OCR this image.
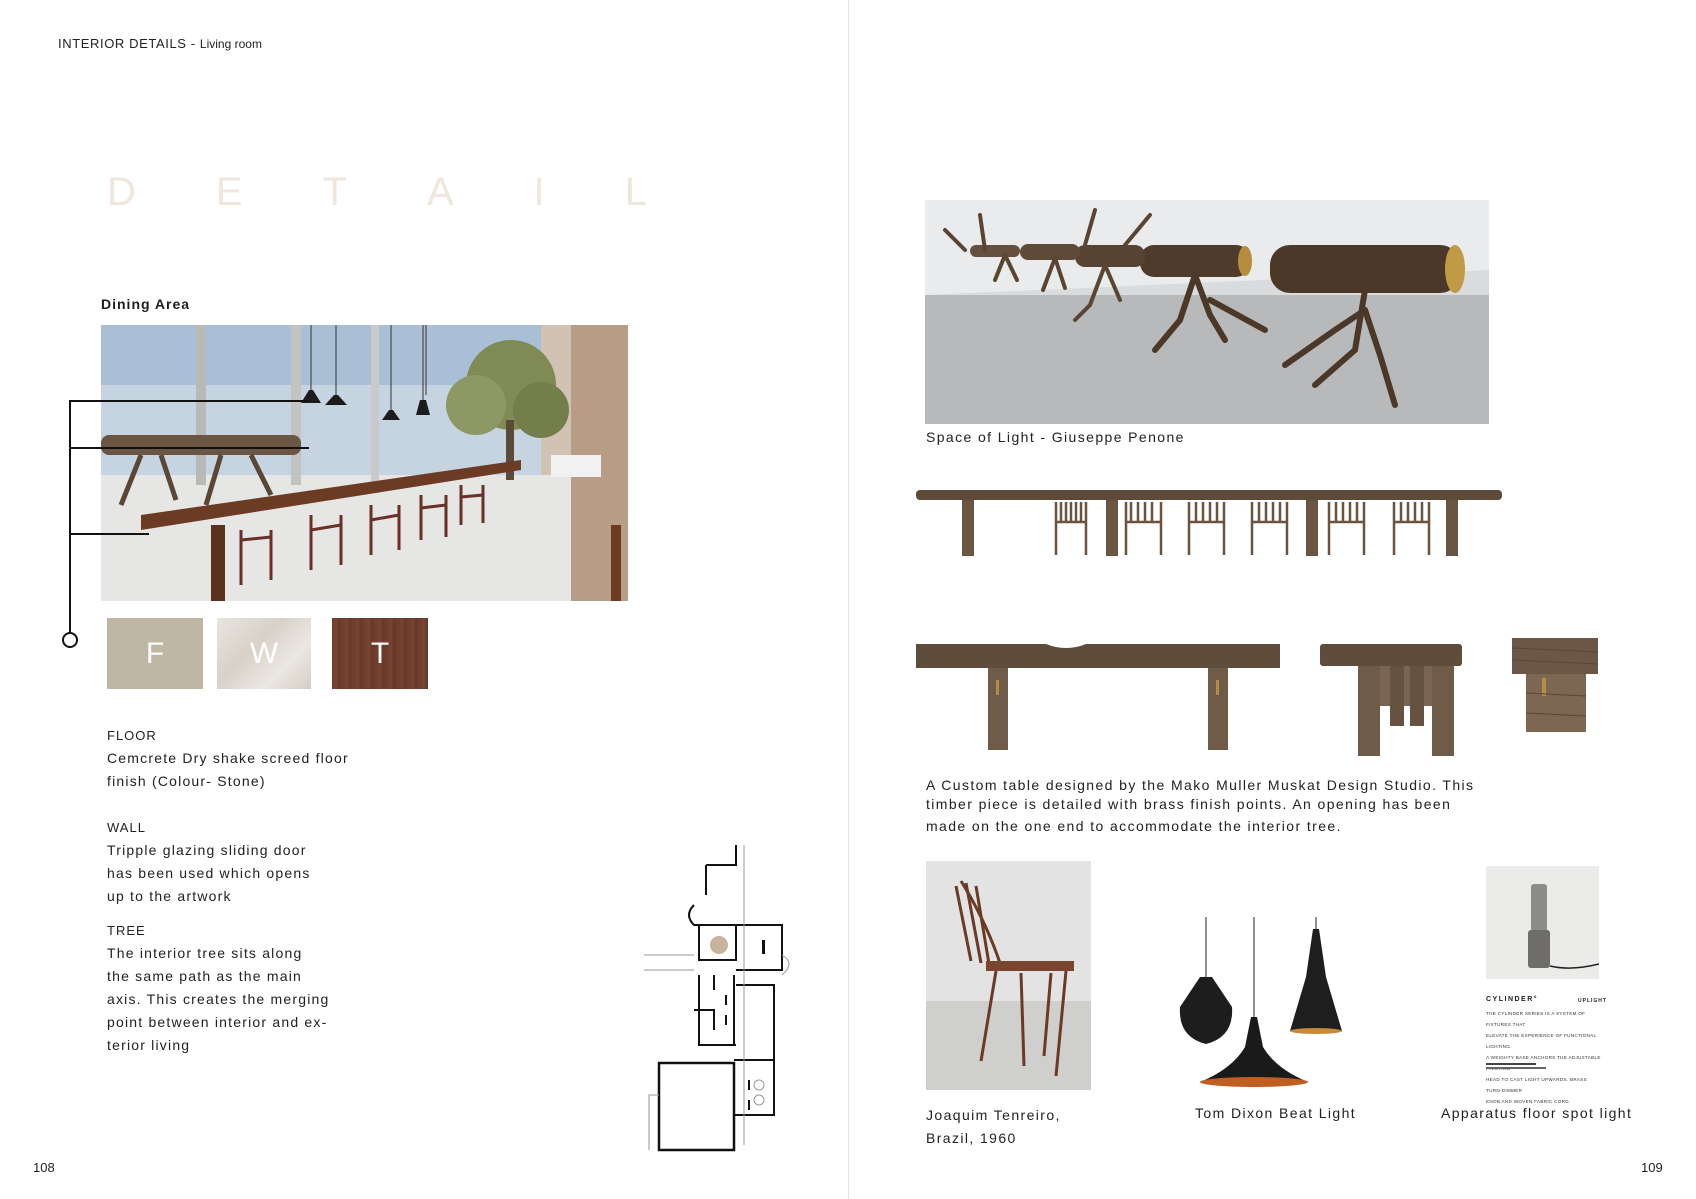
INTERIOR DETAILS - Living room
D E T A I L
Dining Area
F	W	T
FLOOR
Cemcrete Dry shake screed floor
finish (Colour- Stone)
WALL
Tripple glazing sliding door
has been used which opens
up to the artwork
TREE
The interior tree sits along
the same path as the main
axis. This creates the merging
point between interior and ex-
terior living
108
Space of Light - Giuseppe Penone
A Custom table designed by the Mako Muller Muskat Design Studio. This
timber piece is detailed with brass finish points. An opening has been
made on the one end to accommodate the interior tree.
Joaquim Tenreiro,
Brazil, 1960
Tom Dixon Beat Light
CYLINDER°	UPLIGHT
THE CYLINDER SERIES IS A SYSTEM OF FIXTURES THAT
ELEVATE THE EXPERIENCE OF FUNCTIONAL LIGHTING.
A WEIGHTY BASE ANCHORS THE ADJUSTABLE
HEAD TO CAST LIGHT UPWARDS. BRASS TURN-DIMMER
KNOB AND WOVEN FABRIC CORD.
Apparatus floor spot light
109
